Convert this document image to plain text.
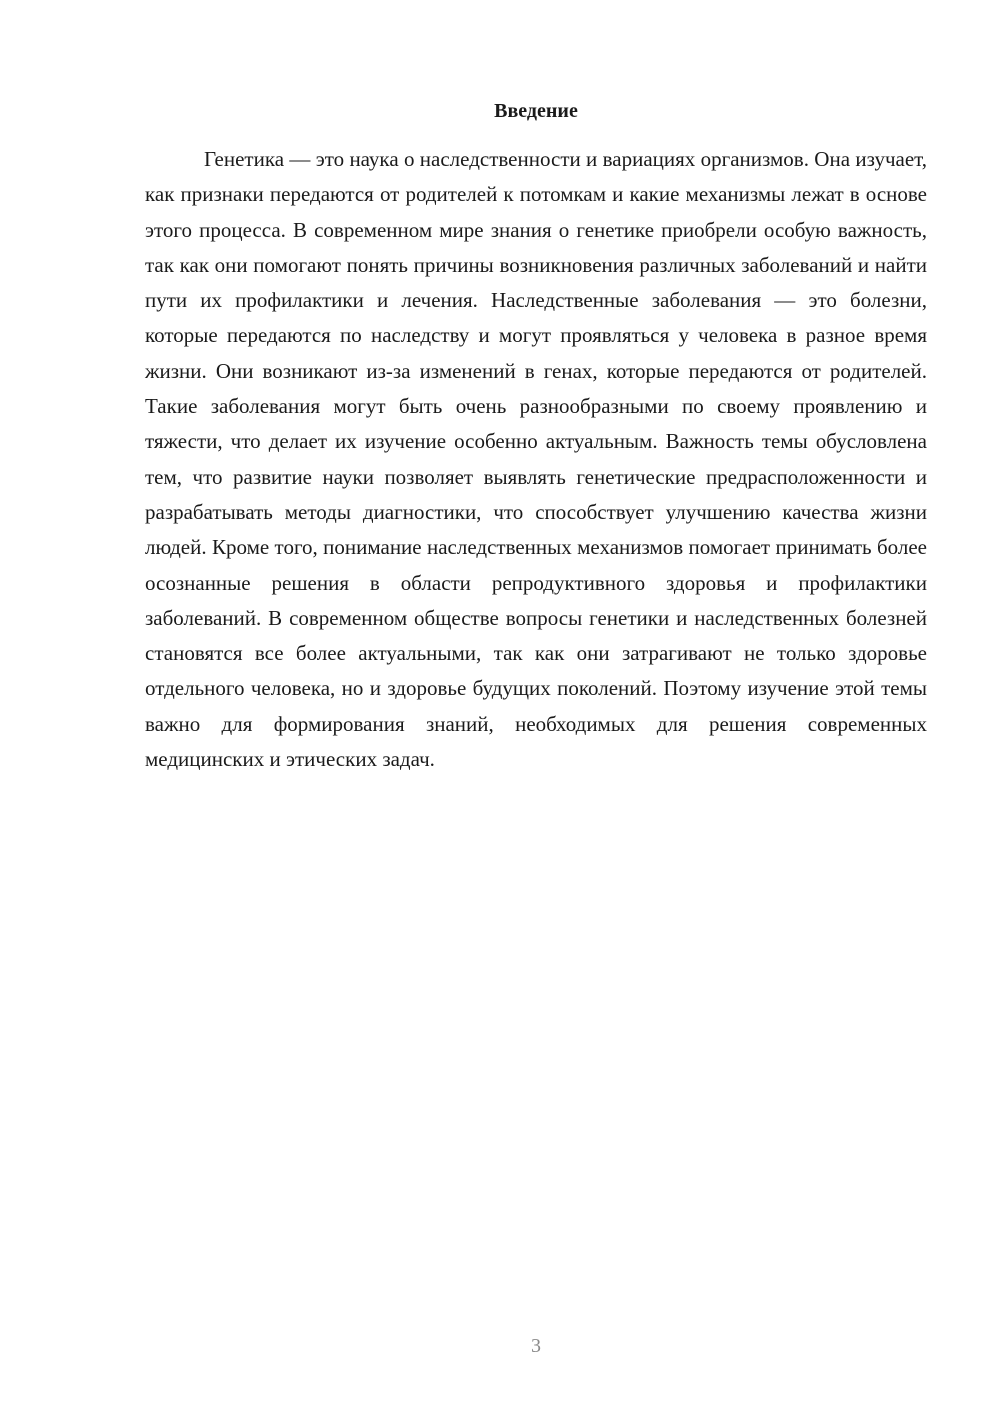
Введение

Генетика — это наука о наследственности и вариациях организмов. Она изучает, как признаки передаются от родителей к потомкам и какие механизмы лежат в основе этого процесса. В современном мире знания о генетике приобрели особую важность, так как они помогают понять причины возникновения различных заболеваний и найти пути их профилактики и лечения. Наследственные заболевания — это болезни, которые передаются по наследству и могут проявляться у человека в разное время жизни. Они возникают из-за изменений в генах, которые передаются от родителей. Такие заболевания могут быть очень разнообразными по своему проявлению и тяжести, что делает их изучение особенно актуальным. Важность темы обусловлена тем, что развитие науки позволяет выявлять генетические предрасположенности и разрабатывать методы диагностики, что способствует улучшению качества жизни людей. Кроме того, понимание наследственных механизмов помогает принимать более осознанные решения в области репродуктивного здоровья и профилактики заболеваний. В современном обществе вопросы генетики и наследственных болезней становятся все более актуальными, так как они затрагивают не только здоровье отдельного человека, но и здоровье будущих поколений. Поэтому изучение этой темы важно для формирования знаний, необходимых для решения современных медицинских и этических задач.

3
